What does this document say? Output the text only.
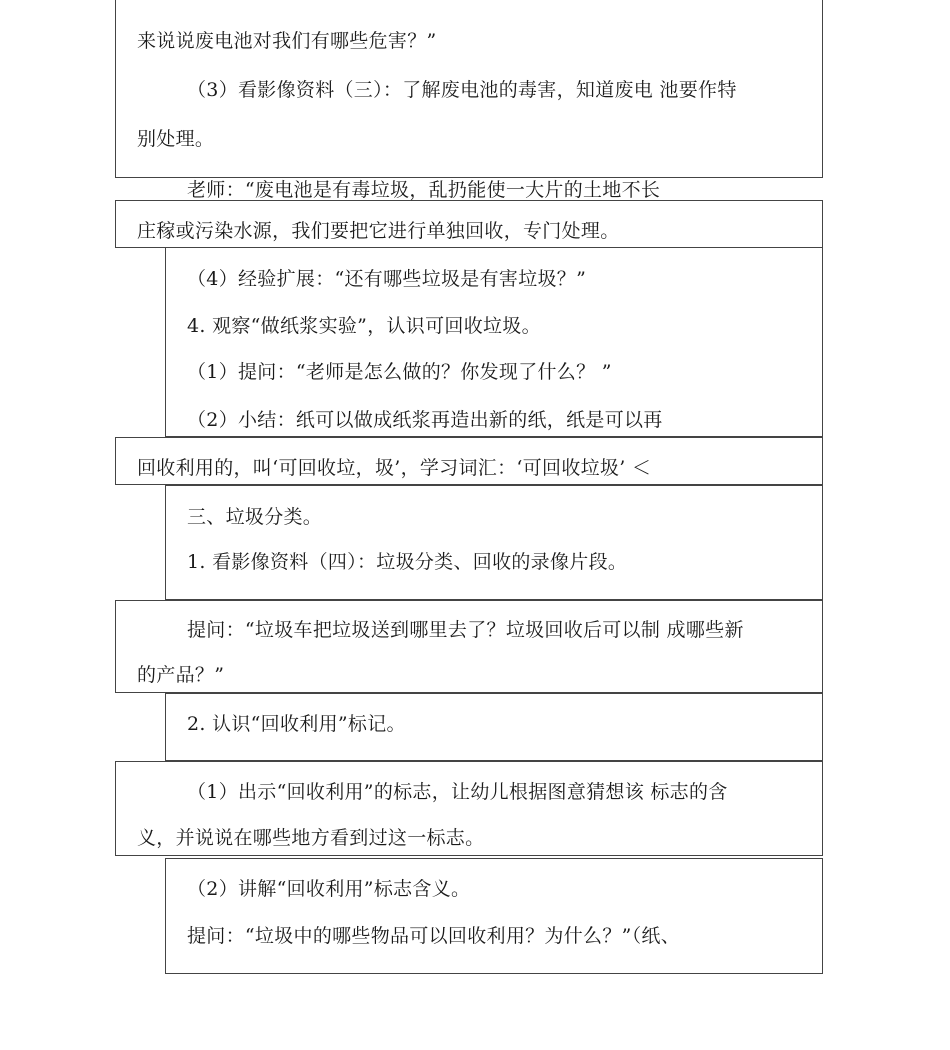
来说说废电池对我们有哪些危害？”
（3）看影像资料（三）：了解废电池的毒害，知道废电 池要作特
别处理。
老师：“废电池是有毒垃圾，乱扔能使一大片的土地不长
庄稼或污染水源，我们要把它进行单独回收，专门处理。
（4）经验扩展：“还有哪些垃圾是有害垃圾？”
4. 观察“做纸浆实验”，认识可回收垃圾。
（1）提问：“老师是怎么做的？你发现了什么？ ”
（2）小结：纸可以做成纸浆再造出新的纸，纸是可以再
回收利用的，叫‘可回收垃，圾’，学习词汇：‘可回收垃圾’ ＜
三、垃圾分类。
1. 看影像资料（四）：垃圾分类、回收的录像片段。
提问：“垃圾车把垃圾送到哪里去了？垃圾回收后可以制 成哪些新
的产品？”
2. 认识“回收利用”标记。
（1）出示“回收利用”的标志，让幼儿根据图意猜想该 标志的含
义，并说说在哪些地方看到过这一标志。
（2）讲解“回收利用”标志含义。
提问：“垃圾中的哪些物品可以回收利用？为什么？”（纸、
